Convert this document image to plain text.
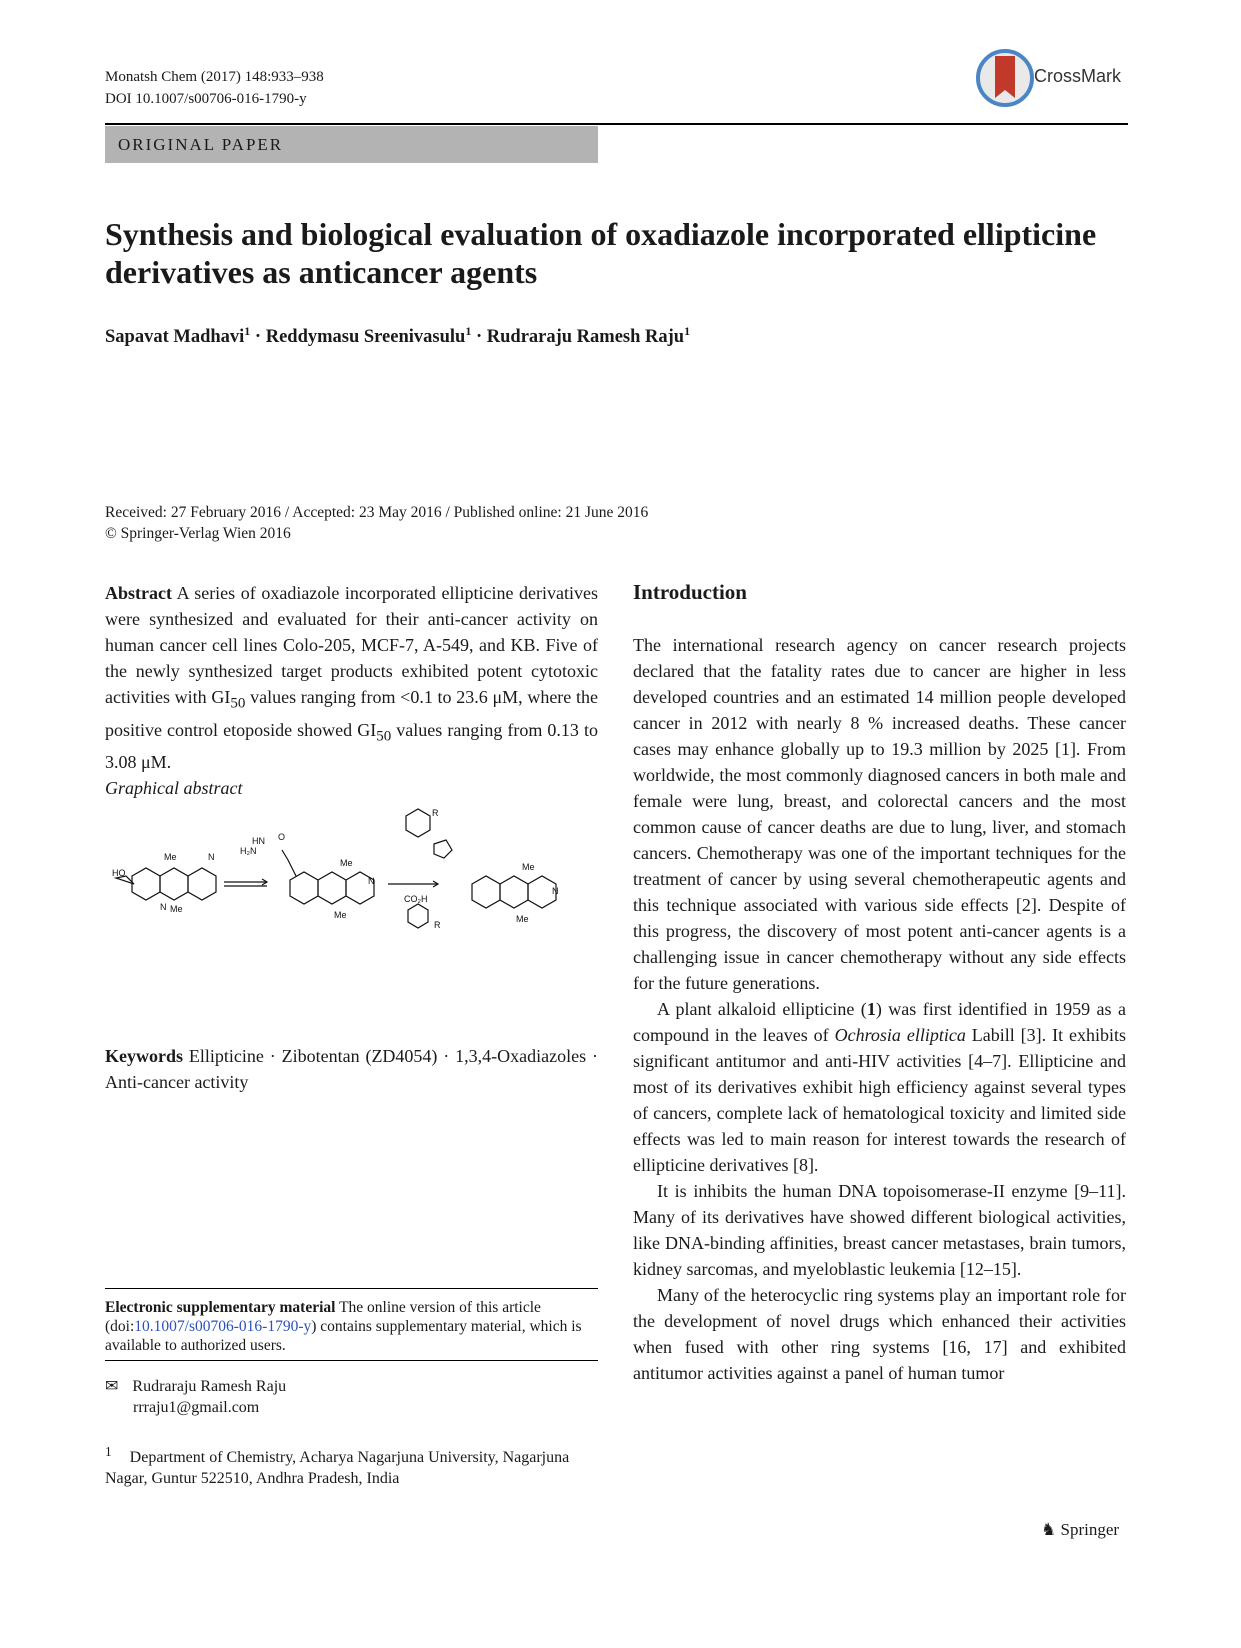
Monatsh Chem (2017) 148:933–938
DOI 10.1007/s00706-016-1790-y
CrossMark
ORIGINAL PAPER
Synthesis and biological evaluation of oxadiazole incorporated ellipticine derivatives as anticancer agents
Sapavat Madhavi$^1$ · Reddymasu Sreenivasulu$^1$ · Rudraraju Ramesh Raju$^1$
Received: 27 February 2016 / Accepted: 23 May 2016 / Published online: 21 June 2016
© Springer-Verlag Wien 2016
Abstract A series of oxadiazole incorporated ellipticine derivatives were synthesized and evaluated for their anti-cancer activity on human cancer cell lines Colo-205, MCF-7, A-549, and KB. Five of the newly synthesized target products exhibited potent cytotoxic activities with $GI_{50}$ values ranging from <0.1 to 23.6 μM, where the positive control etoposide showed $GI_{50}$ values ranging from 0.13 to 3.08 μM.
Graphical abstract
HO
Me
Me
N
N
H₂N
HN O
Me
Me
N
CO₂H
R
R
Me
Me
N
Keywords Ellipticine · Zibotentan (ZD4054) · 1,3,4-Oxadiazoles · Anti-cancer activity
Electronic supplementary material The online version of this article (doi:10.1007/s00706-016-1790-y) contains supplementary material, which is available to authorized users.
✉ Rudraraju Ramesh Raju
rrraju1@gmail.com
$^1$ Department of Chemistry, Acharya Nagarjuna University, Nagarjuna Nagar, Guntur 522510, Andhra Pradesh, India
Introduction

The international research agency on cancer research projects declared that the fatality rates due to cancer are higher in less developed countries and an estimated 14 million people developed cancer in 2012 with nearly 8 % increased deaths. These cancer cases may enhance globally up to 19.3 million by 2025 [1]. From worldwide, the most commonly diagnosed cancers in both male and female were lung, breast, and colorectal cancers and the most common cause of cancer deaths are due to lung, liver, and stomach cancers. Chemotherapy was one of the important techniques for the treatment of cancer by using several chemotherapeutic agents and this technique associated with various side effects [2]. Despite of this progress, the discovery of most potent anti-cancer agents is a challenging issue in cancer chemotherapy without any side effects for the future generations.

A plant alkaloid ellipticine (1) was first identified in 1959 as a compound in the leaves of Ochrosia elliptica Labill [3]. It exhibits significant antitumor and anti-HIV activities [4–7]. Ellipticine and most of its derivatives exhibit high efficiency against several types of cancers, complete lack of hematological toxicity and limited side effects was led to main reason for interest towards the research of ellipticine derivatives [8].

It is inhibits the human DNA topoisomerase-II enzyme [9–11]. Many of its derivatives have showed different biological activities, like DNA-binding affinities, breast cancer metastases, brain tumors, kidney sarcomas, and myeloblastic leukemia [12–15].

Many of the heterocyclic ring systems play an important role for the development of novel drugs which enhanced their activities when fused with other ring systems [16, 17] and exhibited antitumor activities against a panel of human tumor

♞ Springer
